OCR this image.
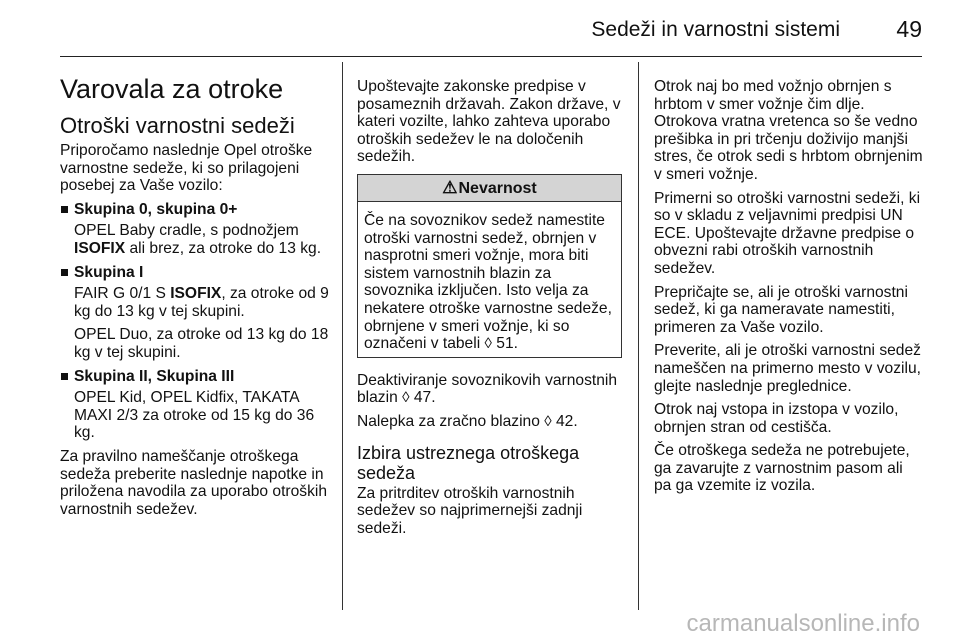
Sedeži in varnostni sistemi 49
Varovala za otroke
Otroški varnostni sedeži

Priporočamo naslednje Opel otroške varnostne sedeže, ki so prilagojeni posebej za Vaše vozilo:

Skupina 0, skupina 0+

OPEL Baby cradle, s podnožjem ISOFIX ali brez, za otroke do 13 kg.

Skupina I

FAIR G 0/1 S ISOFIX, za otroke od 9 kg do 13 kg v tej skupini.

OPEL Duo, za otroke od 13 kg do 18 kg v tej skupini.

Skupina II, Skupina III

OPEL Kid, OPEL Kidfix, TAKATA MAXI 2/3 za otroke od 15 kg do 36 kg.

Za pravilno nameščanje otroškega sedeža preberite naslednje napotke in priložena navodila za uporabo otroških varnostnih sedežev.

Upoštevajte zakonske predpise v posameznih državah. Zakon države, v kateri vozilte, lahko zahteva uporabo otroških sedežev le na določenih sedežih.

⚠Nevarnost
Če na sovoznikov sedež namestite otroški varnostni sedež, obrnjen v nasprotni smeri vožnje, mora biti sistem varnostnih blazin za sovoznika izključen. Isto velja za nekatere otroške varnostne sedeže, obrnjene v smeri vožnje, ki so označeni v tabeli ◊ 51.

Deaktiviranje sovoznikovih varnostnih blazin ◊ 47.

Nalepka za zračno blazino ◊ 42.

Izbira ustreznega otroškega sedeža

Za pritrditev otroških varnostnih sedežev so najprimernejši zadnji sedeži.

Otrok naj bo med vožnjo obrnjen s hrbtom v smer vožnje čim dlje. Otrokova vratna vretenca so še vedno prešibka in pri trčenju doživijo manjši stres, če otrok sedi s hrbtom obrnjenim v smeri vožnje.

Primerni so otroški varnostni sedeži, ki so v skladu z veljavnimi predpisi UN ECE. Upoštevajte državne predpise o obvezni rabi otroških varnostnih sedežev.

Prepričajte se, ali je otroški varnostni sedež, ki ga nameravate namestiti, primeren za Vaše vozilo.

Preverite, ali je otroški varnostni sedež nameščen na primerno mesto v vozilu, glejte naslednje preglednice.

Otrok naj vstopa in izstopa v vozilo, obrnjen stran od cestišča.

Če otroškega sedeža ne potrebujete, ga zavarujte z varnostnim pasom ali pa ga vzemite iz vozila.

carmanualsonline.info
